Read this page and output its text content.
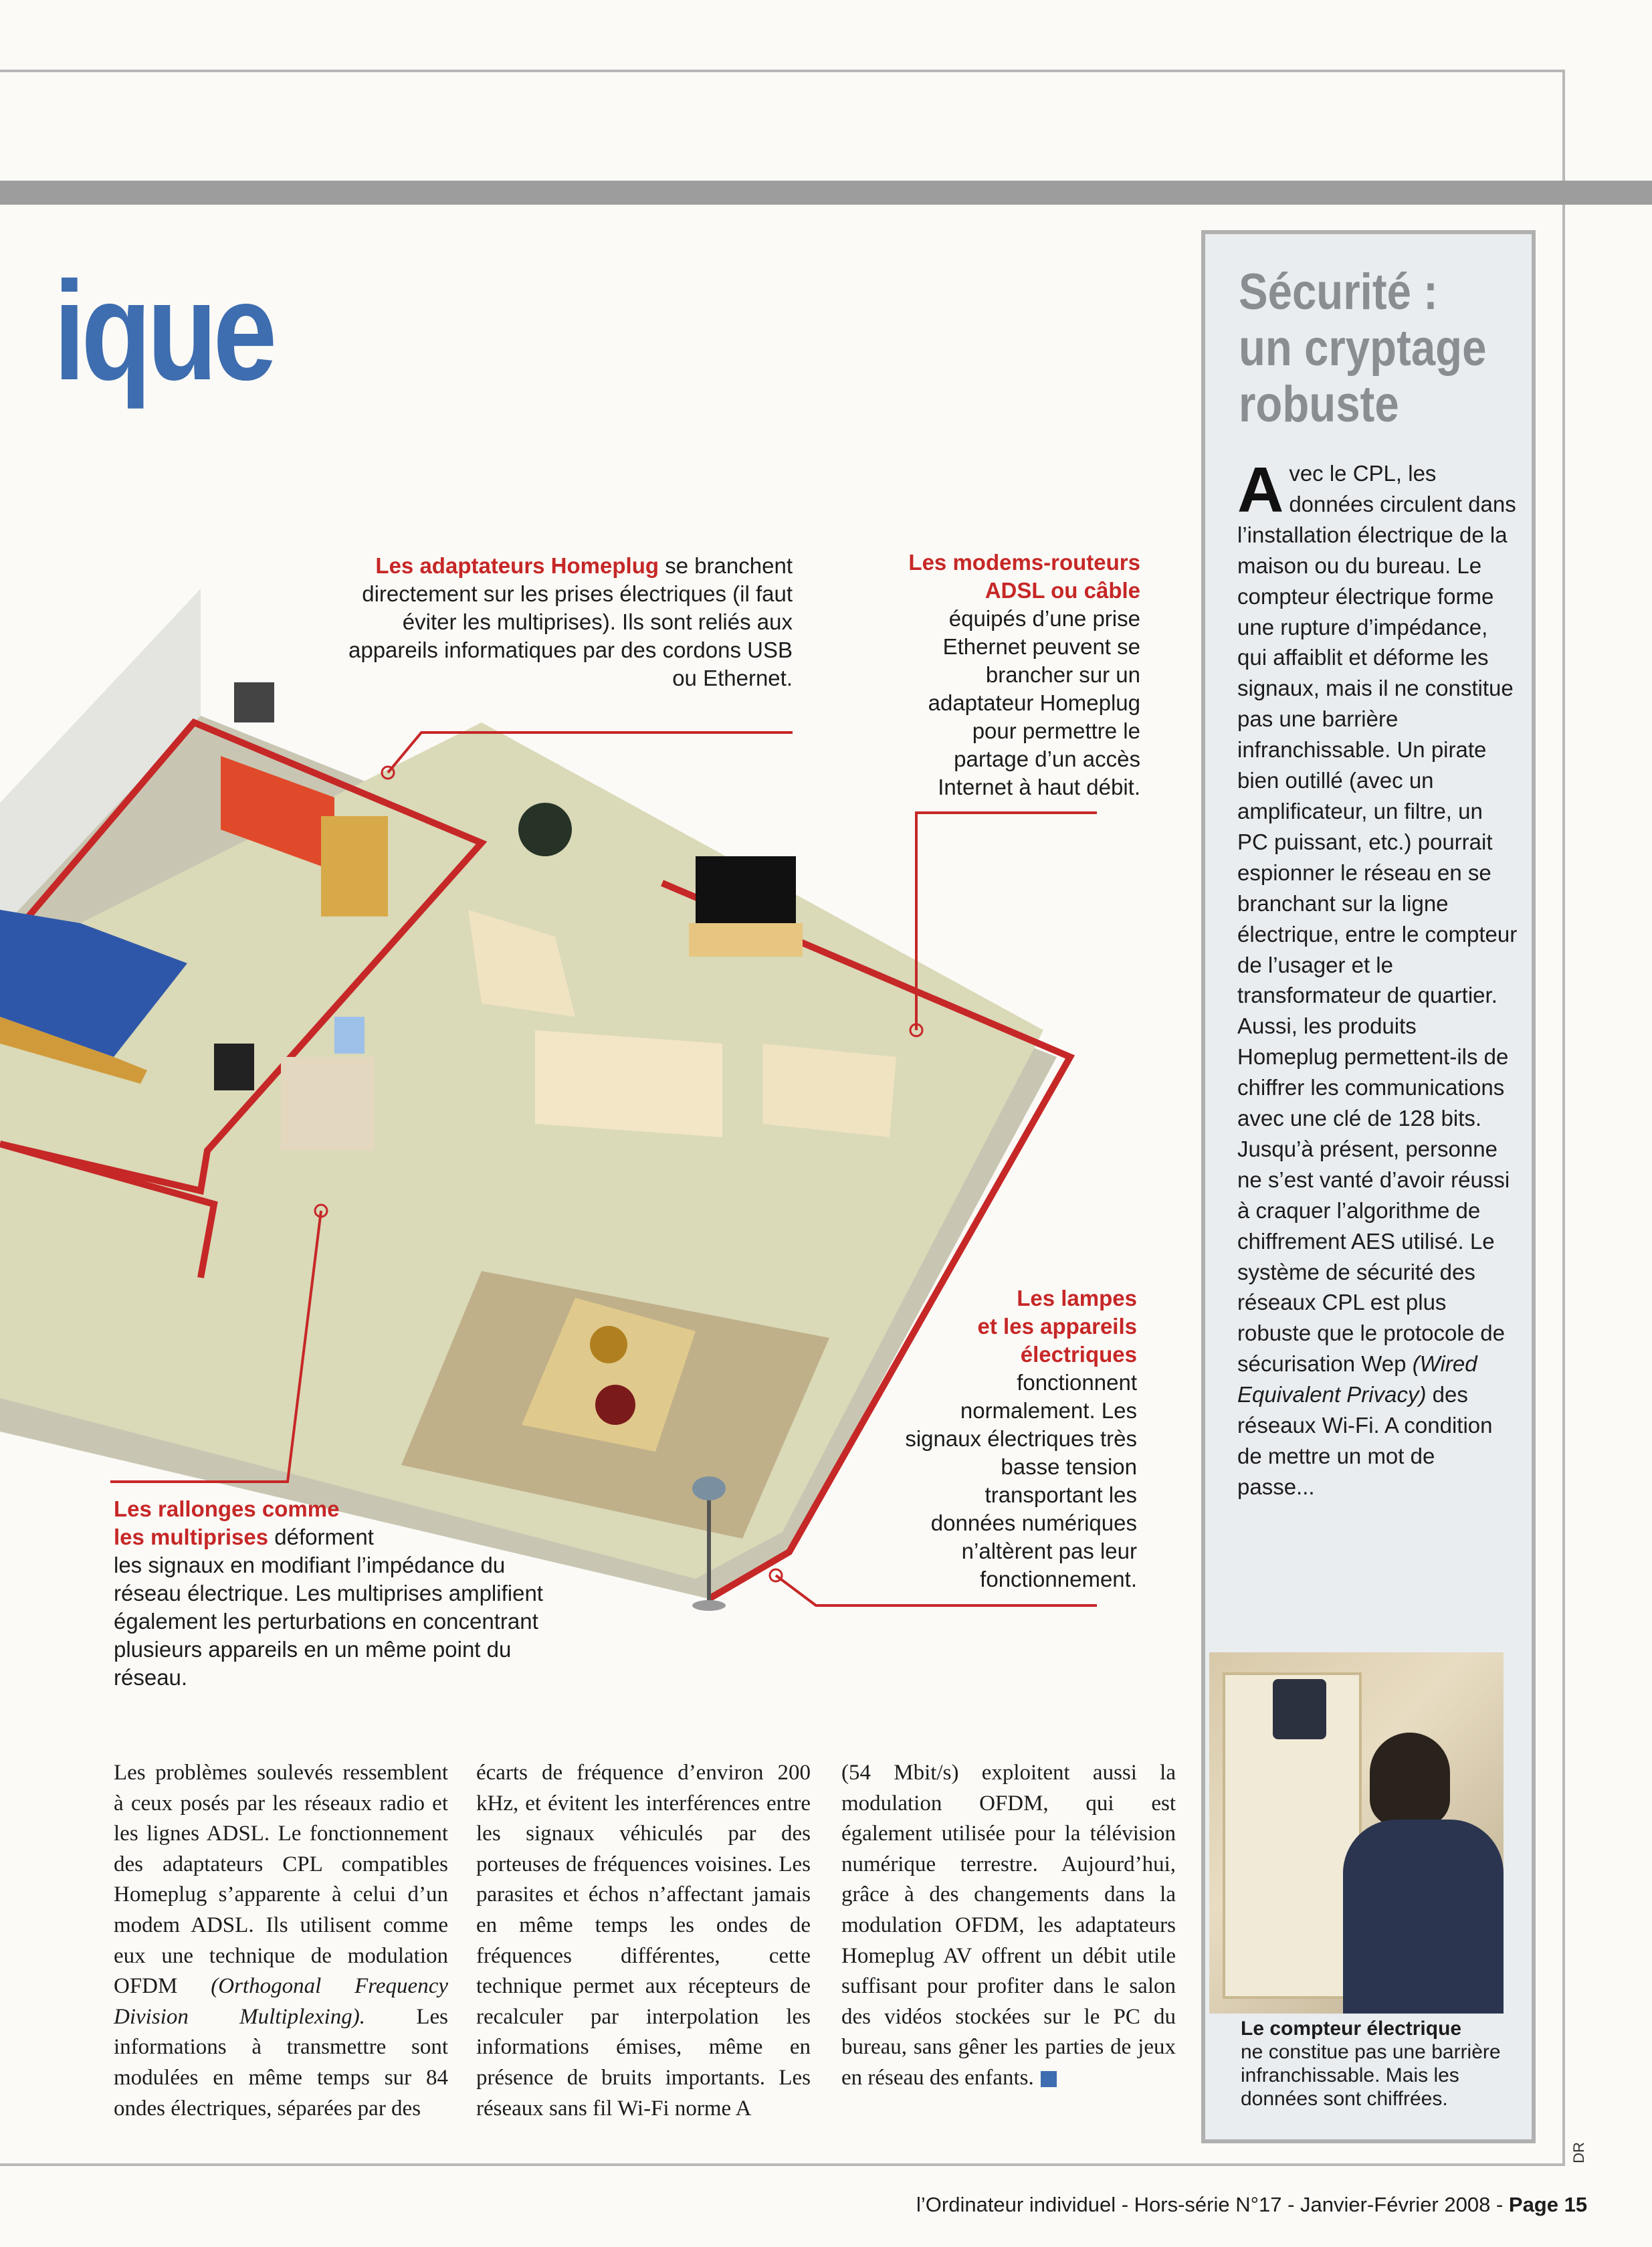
ique
Les adaptateurs Homeplug se branchent directement sur les prises électriques (il faut éviter les multiprises). Ils sont reliés aux appareils informatiques par des cordons USB ou Ethernet.
Les modems-routeurs
ADSL ou câble
équipés d’une prise Ethernet peuvent se brancher sur un adaptateur Homeplug pour permettre le partage d’un accès Internet à haut débit.
Les lampes
et les appareils
électriques
fonctionnent normalement. Les signaux électriques très basse tension transportant les données numériques n’altèrent pas leur fonctionnement.
Les rallonges comme
les multiprises déforment
les signaux en modifiant l’impédance du réseau électrique. Les multiprises amplifient également les perturbations en concentrant plusieurs appareils en un même point du réseau.
Sécurité :
un cryptage
robuste
A vec le CPL, les données circulent dans l’installation électrique de la maison ou du bureau. Le compteur électrique forme une rupture d’impédance, qui affaiblit et déforme les signaux, mais il ne constitue pas une barrière infranchissable. Un pirate bien outillé (avec un amplificateur, un filtre, un PC puissant, etc.) pourrait espionner le réseau en se branchant sur la ligne électrique, entre le compteur de l’usager et le transformateur de quartier. Aussi, les produits Homeplug permettent-ils de chiffrer les communications avec une clé de 128 bits. Jusqu’à présent, personne ne s’est vanté d’avoir réussi à craquer l’algorithme de chiffrement AES utilisé. Le système de sécurité des réseaux CPL est plus robuste que le protocole de sécurisation Wep (Wired Equivalent Privacy) des réseaux Wi-Fi. A condition de mettre un mot de passe...
Le compteur électrique
ne constitue pas une barrière infranchissable. Mais les données sont chiffrées.
Les problèmes soulevés ressemblent à ceux posés par les réseaux radio et les lignes ADSL. Le fonctionnement des adaptateurs CPL compatibles Homeplug s’apparente à celui d’un modem ADSL. Ils utilisent comme eux une technique de modulation OFDM (Orthogonal Frequency Division Multiplexing). Les informations à transmettre sont modulées en même temps sur 84 ondes électriques, séparées par des
écarts de fréquence d’environ 200 kHz, et évitent les interférences entre les signaux véhiculés par des porteuses de fréquences voisines. Les parasites et échos n’affectant jamais en même temps les ondes de fréquences différentes, cette technique permet aux récepteurs de recalculer par interpolation les informations émises, même en présence de bruits importants. Les réseaux sans fil Wi-Fi norme A
(54 Mbit/s) exploitent aussi la modulation OFDM, qui est également utilisée pour la télévision numérique terrestre. Aujourd’hui, grâce à des changements dans la modulation OFDM, les adaptateurs Homeplug AV offrent un débit utile suffisant pour profiter dans le salon des vidéos stockées sur le PC du bureau, sans gêner les parties de jeux en réseau des enfants.
l’Ordinateur individuel - Hors-série N°17 - Janvier-Février 2008 - Page 15
DR
